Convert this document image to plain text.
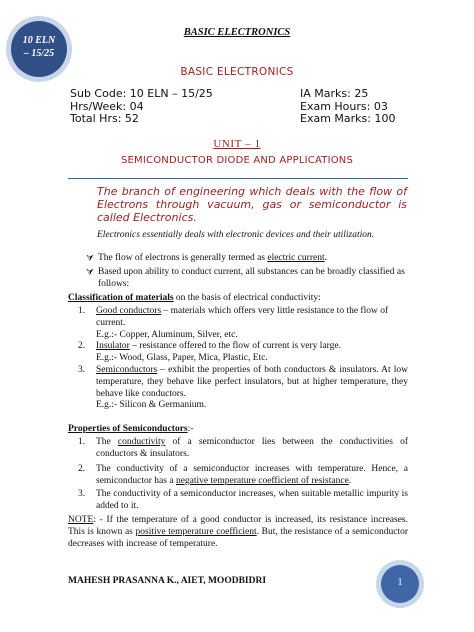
10 ELN
– 15/25
BASIC ELECTRONICS
BASIC ELECTRONICS
Sub Code: 10 ELN – 15/25
Hrs/Week: 04
Total Hrs: 52
IA Marks: 25
Exam Hours: 03
Exam Marks: 100
UNIT – 1
SEMICONDUCTOR DIODE AND APPLICATIONS
The branch of engineering which deals with the flow of Electrons through vacuum, gas or semiconductor is called Electronics.
Electronics essentially deals with electronic devices and their utilization.
⮛ The flow of electrons is generally termed as electric current.
⮛ Based upon ability to conduct current, all substances can be broadly classified as follows:
Classification of materials on the basis of electrical conductivity:
1. Good conductors – materials which offers very little resistance to the flow of current.
E.g.:- Copper, Aluminum, Silver, etc.
2. Insulator – resistance offered to the flow of current is very large.
E.g.:- Wood, Glass, Paper, Mica, Plastic, Etc.
3. Semiconductors – exhibit the properties of both conductors & insulators. At low temperature, they behave like perfect insulators, but at higher temperature, they behave like conductors.
E.g.:- Silicon & Germanium.
Properties of Semiconductors:-
1. The conductivity of a semiconductor lies between the conductivities of conductors & insulators.
2. The conductivity of a semiconductor increases with temperature. Hence, a semiconductor has a negative temperature coefficient of resistance.
3. The conductivity of a semiconductor increases, when suitable metallic impurity is added to it.
NOTE: - If the temperature of a good conductor is increased, its resistance increases. This is known as positive temperature coefficient. But, the resistance of a semiconductor decreases with increase of temperature.
MAHESH PRASANNA K., AIET, MOODBIDRI	1
